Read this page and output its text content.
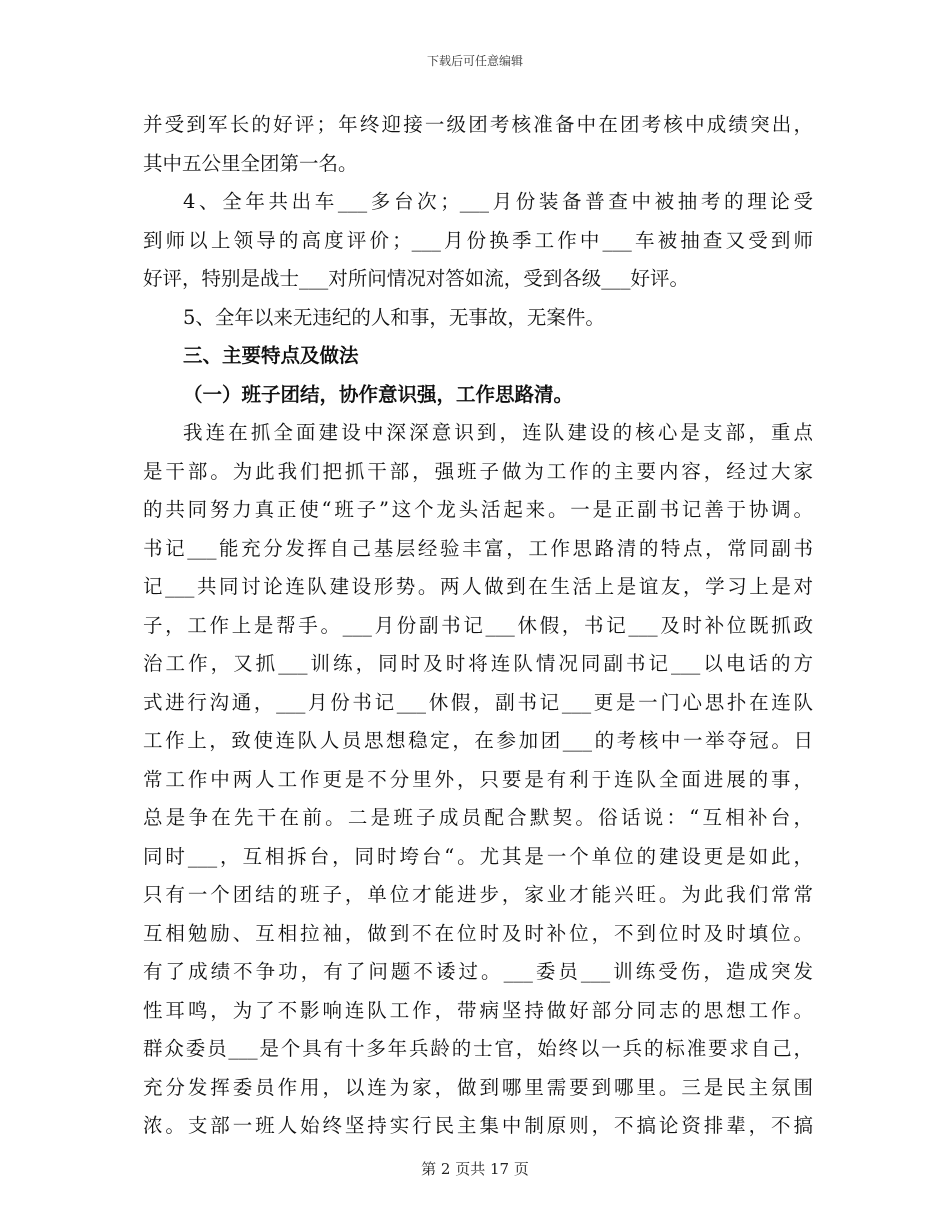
下载后可任意编辑
并受到军长的好评；年终迎接一级团考核准备中在团考核中成绩突出，
其中五公里全团第一名。
4、全年共出车___多台次；___月份装备普查中被抽考的理论受
到师以上领导的高度评价；___月份换季工作中___车被抽查又受到师
好评，特别是战士___对所问情况对答如流，受到各级___好评。
5、全年以来无违纪的人和事，无事故，无案件。
三、主要特点及做法
（一）班子团结，协作意识强，工作思路清。
我连在抓全面建设中深深意识到，连队建设的核心是支部，重点
是干部。为此我们把抓干部，强班子做为工作的主要内容，经过大家
的共同努力真正使“班子”这个龙头活起来。一是正副书记善于协调。
书记___能充分发挥自己基层经验丰富，工作思路清的特点，常同副书
记___共同讨论连队建设形势。两人做到在生活上是谊友，学习上是对
子，工作上是帮手。___月份副书记___休假，书记___及时补位既抓政
治工作，又抓___训练，同时及时将连队情况同副书记___以电话的方
式进行沟通，___月份书记___休假，副书记___更是一门心思扑在连队
工作上，致使连队人员思想稳定，在参加团___的考核中一举夺冠。日
常工作中两人工作更是不分里外，只要是有利于连队全面进展的事，
总是争在先干在前。二是班子成员配合默契。俗话说：“互相补台，
同时___，互相拆台，同时垮台“。尤其是一个单位的建设更是如此，
只有一个团结的班子，单位才能进步，家业才能兴旺。为此我们常常
互相勉励、互相拉袖，做到不在位时及时补位，不到位时及时填位。
有了成绩不争功，有了问题不诿过。___委员___训练受伤，造成突发
性耳鸣，为了不影响连队工作，带病坚持做好部分同志的思想工作。
群众委员___是个具有十多年兵龄的士官，始终以一兵的标准要求自己，
充分发挥委员作用，以连为家，做到哪里需要到哪里。三是民主氛围
浓。支部一班人始终坚持实行民主集中制原则，不搞论资排辈，不搞
第 2 页共 17 页
